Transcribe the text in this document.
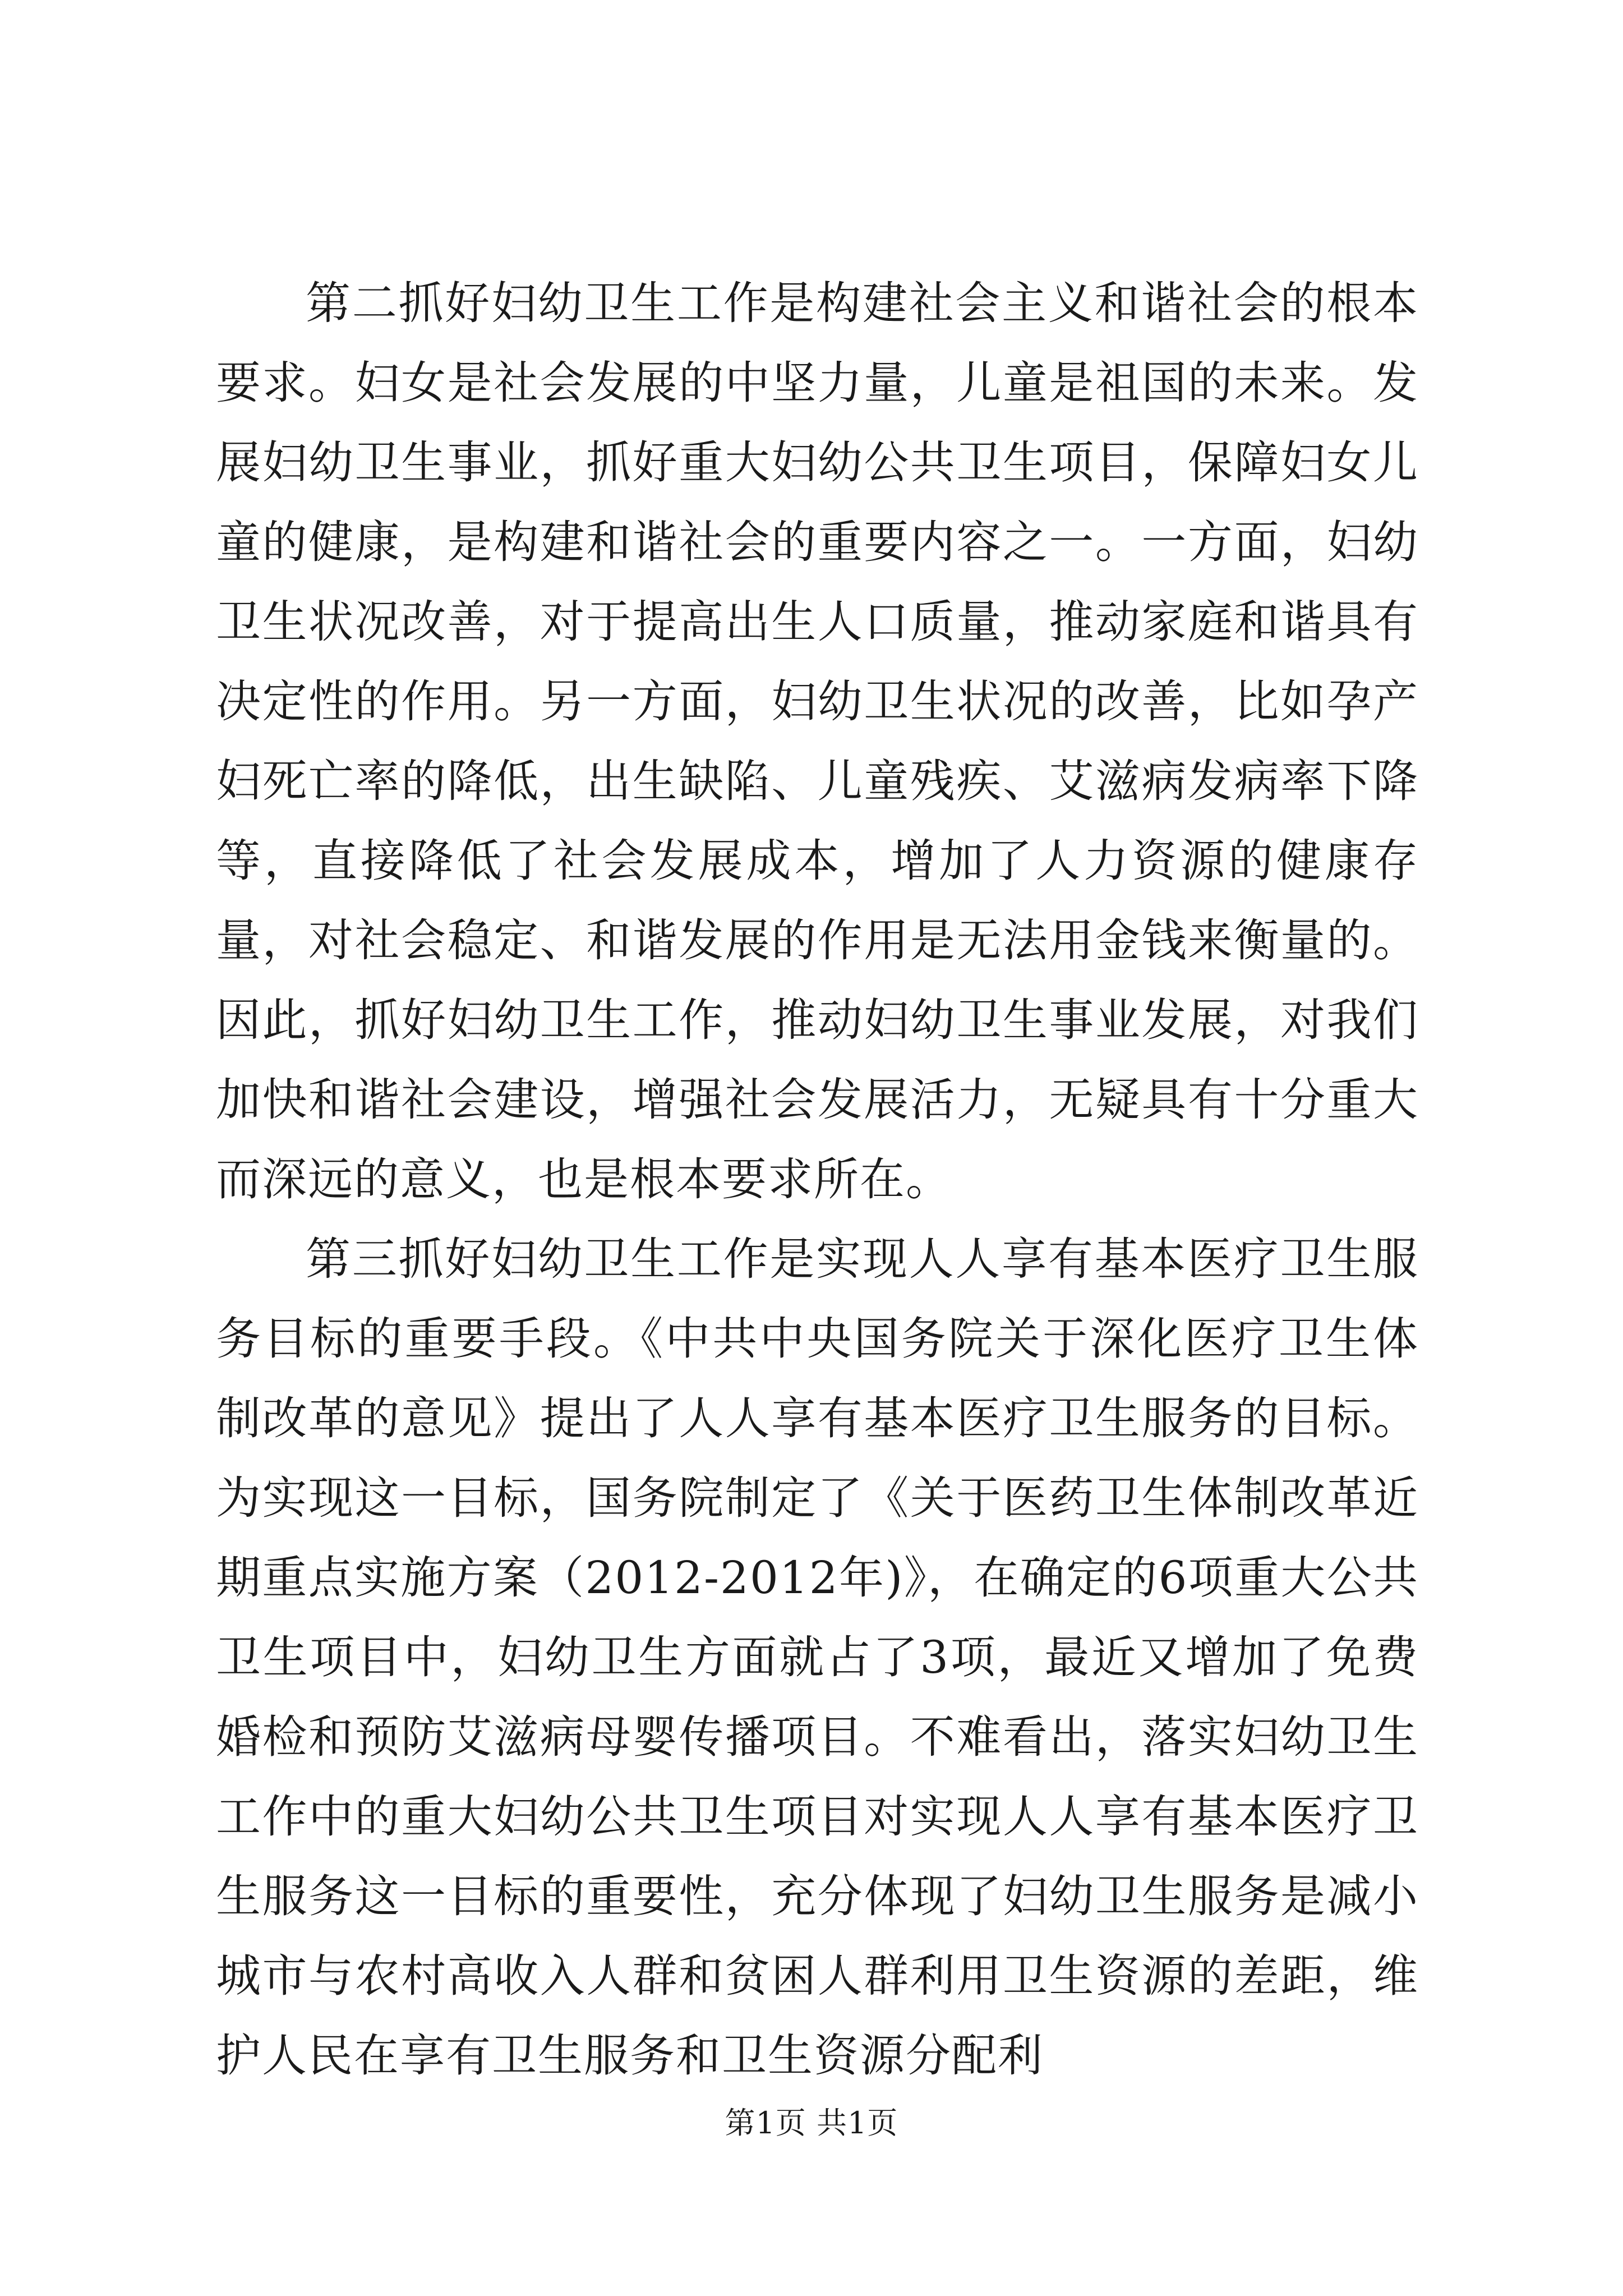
第二抓好妇幼卫生工作是构建社会主义和谐社会的根本要求。妇女是社会发展的中坚力量，儿童是祖国的未来。发展妇幼卫生事业，抓好重大妇幼公共卫生项目，保障妇女儿童的健康，是构建和谐社会的重要内容之一。一方面，妇幼卫生状况改善，对于提高出生人口质量，推动家庭和谐具有决定性的作用。另一方面，妇幼卫生状况的改善，比如孕产妇死亡率的降低，出生缺陷、儿童残疾、艾滋病发病率下降等，直接降低了社会发展成本，增加了人力资源的健康存量，对社会稳定、和谐发展的作用是无法用金钱来衡量的。因此，抓好妇幼卫生工作，推动妇幼卫生事业发展，对我们加快和谐社会建设，增强社会发展活力，无疑具有十分重大而深远的意义，也是根本要求所在。

第三抓好妇幼卫生工作是实现人人享有基本医疗卫生服务目标的重要手段。《中共中央国务院关于深化医疗卫生体制改革的意见》提出了人人享有基本医疗卫生服务的目标。为实现这一目标，国务院制定了《关于医药卫生体制改革近期重点实施方案（2012-2012年)》，在确定的6项重大公共卫生项目中，妇幼卫生方面就占了3项，最近又增加了免费婚检和预防艾滋病母婴传播项目。不难看出，落实妇幼卫生工作中的重大妇幼公共卫生项目对实现人人享有基本医疗卫生服务这一目标的重要性，充分体现了妇幼卫生服务是减小城市与农村高收入人群和贫困人群利用卫生资源的差距，维护人民在享有卫生服务和卫生资源分配利

第1页 共1页
